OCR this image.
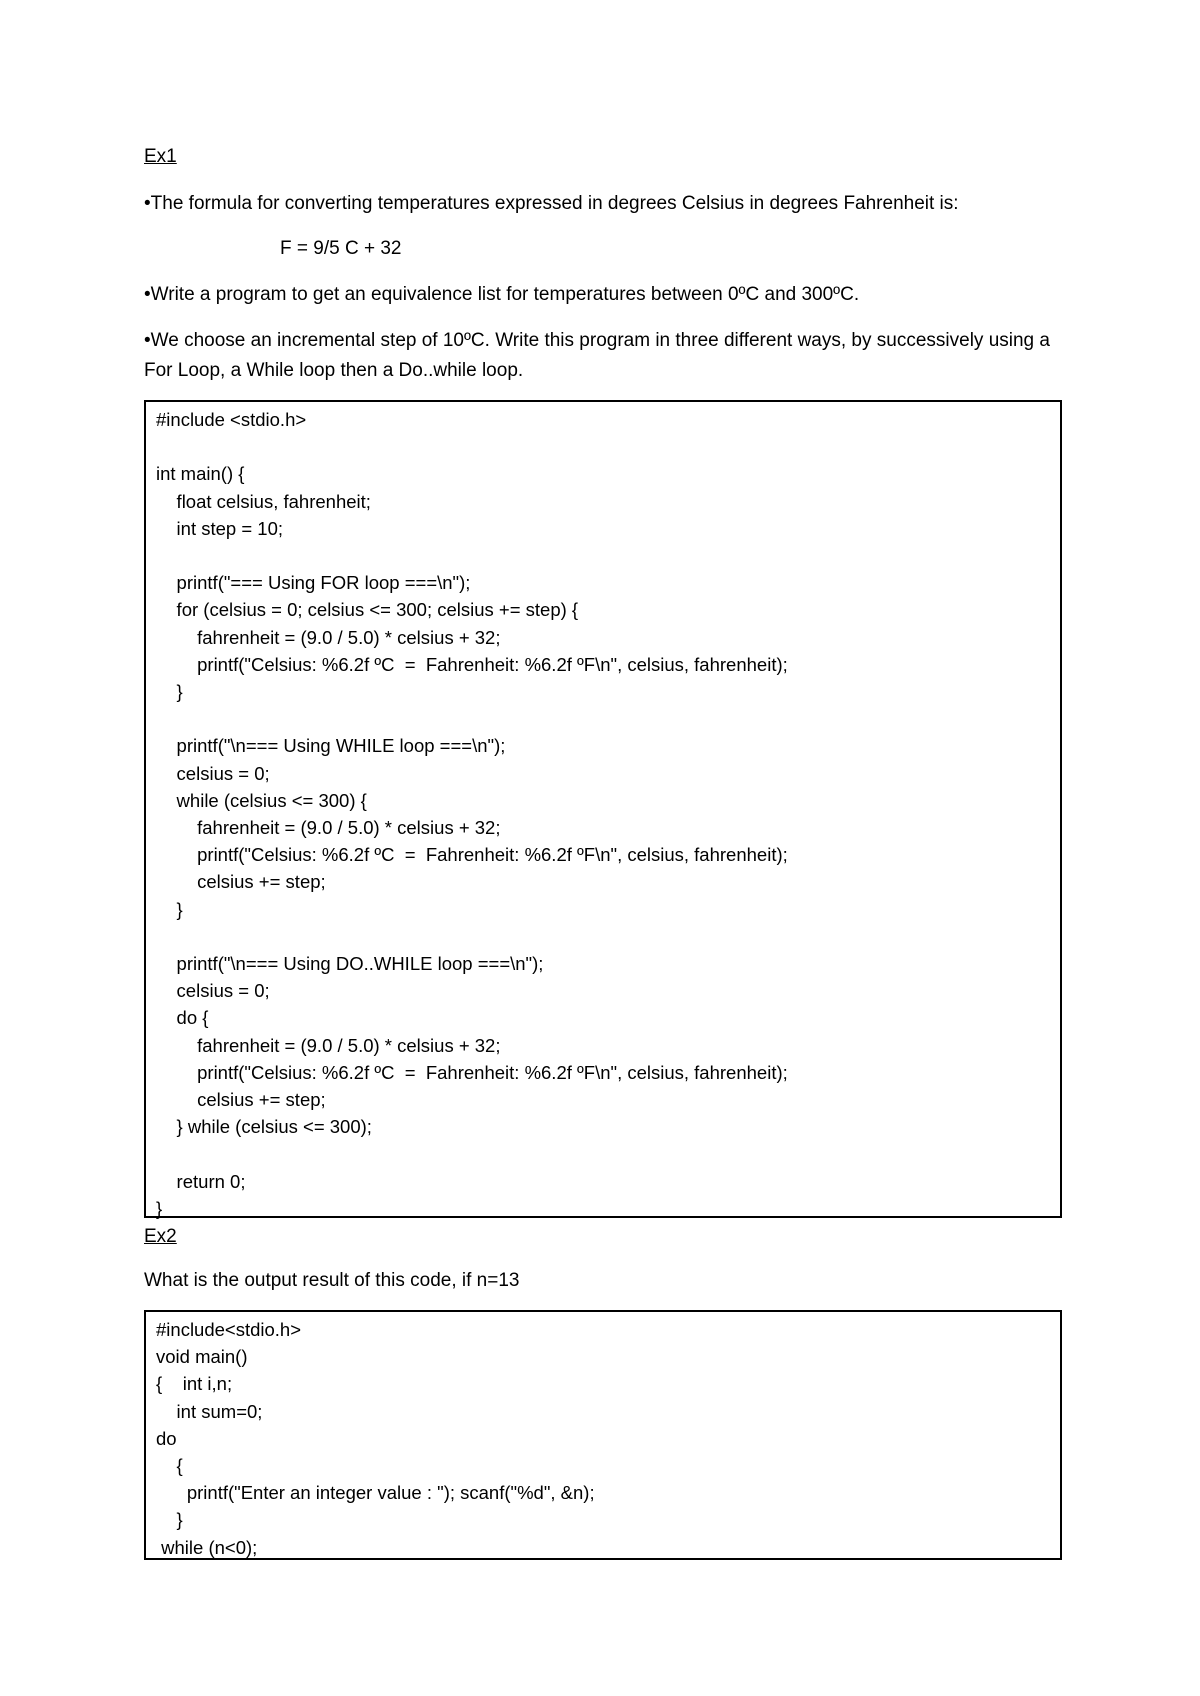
Ex1
•The formula for converting temperatures expressed in degrees Celsius in degrees Fahrenheit is:
F = 9/5 C + 32
•Write a program to get an equivalence list for temperatures between 0ºC and 300ºC.
•We choose an incremental step of 10ºC. Write this program in three different ways, by successively using a For Loop, a While loop then a Do..while loop.
#include <stdio.h>

int main() {
float celsius, fahrenheit;
int step = 10;

printf("=== Using FOR loop ===\n");
for (celsius = 0; celsius <= 300; celsius += step) {
fahrenheit = (9.0 / 5.0) * celsius + 32;
printf("Celsius: %6.2f ºC  =  Fahrenheit: %6.2f ºF\n", celsius, fahrenheit);
}

printf("\n=== Using WHILE loop ===\n");
celsius = 0;
while (celsius <= 300) {
fahrenheit = (9.0 / 5.0) * celsius + 32;
printf("Celsius: %6.2f ºC  =  Fahrenheit: %6.2f ºF\n", celsius, fahrenheit);
celsius += step;
}

printf("\n=== Using DO..WHILE loop ===\n");
celsius = 0;
do {
fahrenheit = (9.0 / 5.0) * celsius + 32;
printf("Celsius: %6.2f ºC  =  Fahrenheit: %6.2f ºF\n", celsius, fahrenheit);
celsius += step;
} while (celsius <= 300);

return 0;
}
Ex2
What is the output result of this code, if n=13
#include<stdio.h>
void main()
{    int i,n;
int sum=0;
do
{
printf("Enter an integer value : "); scanf("%d", &n);
}
while (n<0);
